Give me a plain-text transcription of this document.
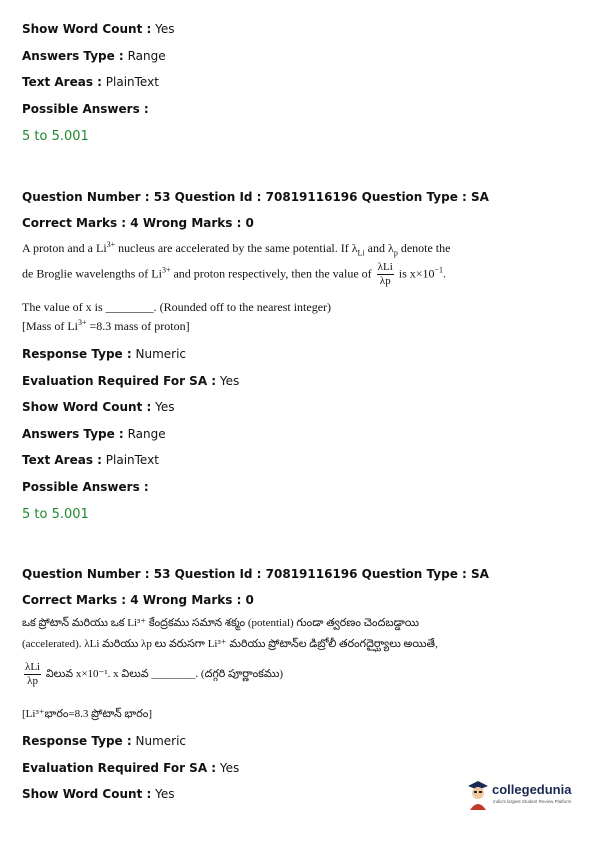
Show Word Count : Yes
Answers Type : Range
Text Areas : PlainText
Possible Answers :
5 to 5.001
Question Number : 53 Question Id : 70819116196 Question Type : SA
Correct Marks : 4 Wrong Marks : 0
A proton and a $Li^{3+}$ nucleus are accelerated by the same potential. If $\lambda_{Li}$ and $\lambda_p$ denote the
de Broglie wavelengths of $Li^{3+}$ and proton respectively, then the value of $\frac{\text{λLi}}{\lambda p}$ is $x\times 10^{-1}$.
The value of x is ________. (Rounded off to the nearest integer)
[Mass of $Li^{3+} =8.3$ mass of proton]
Response Type : Numeric
Evaluation Required For SA : Yes
Show Word Count : Yes
Answers Type : Range
Text Areas : PlainText
Possible Answers :
5 to 5.001
Question Number : 53 Question Id : 70819116196 Question Type : SA
Correct Marks : 4 Wrong Marks : 0
ఒక ప్రోటాన్ మరియు ఒక Li³⁺ కేంద్రకము సమాన శక్మం (potential) గుండా త్వరణం చెందబడ్డాయి
(accelerated). λLi మరియు λp లు వరుసగా Li³⁺ మరియు ప్రోటాన్‌ల డిబ్రోలీ తరంగదైర్ఘ్యాలు అయితే,
$\frac{\text{λLi}}{\lambda p}$ విలువ x×10⁻¹. x విలువ ________. (దగ్గరి పూర్ణాంకము)
[Li³⁺భారం=8.3 ప్రోటాన్ భారం]
Response Type : Numeric
Evaluation Required For SA : Yes
Show Word Count : Yes	collegedunia
India's largest Student Review Platform
